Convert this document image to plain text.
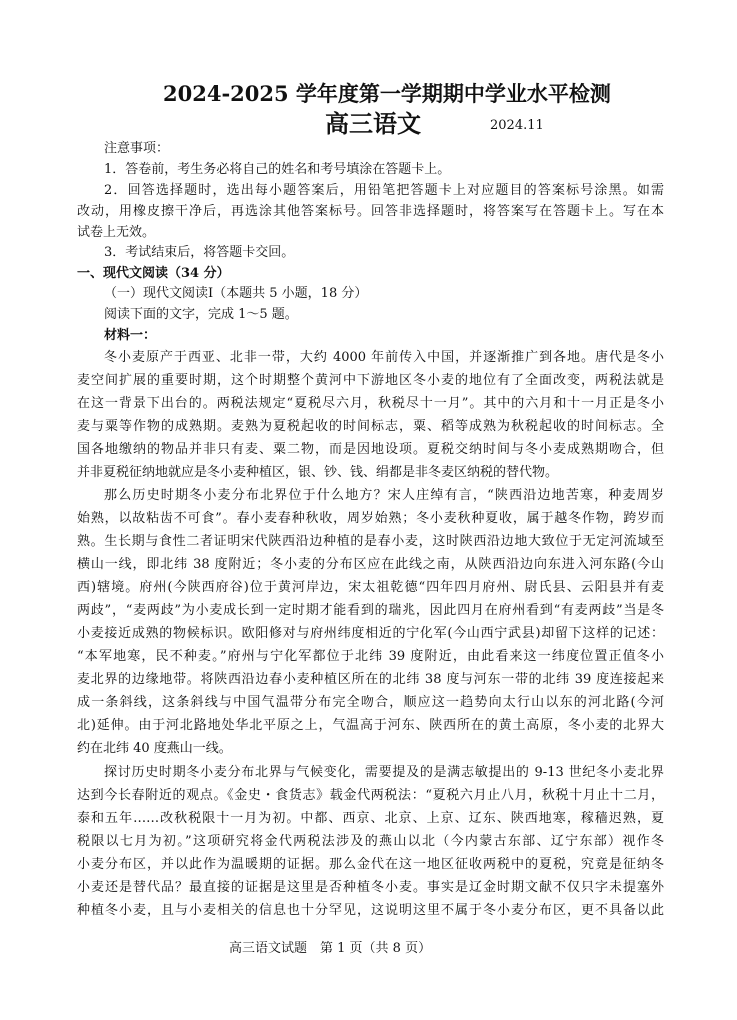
2024-2025 学年度第一学期期中学业水平检测
高三语文	2024.11
注意事项：
1．答卷前，考生务必将自己的姓名和考号填涂在答题卡上。
2．回答选择题时，选出每小题答案后，用铅笔把答题卡上对应题目的答案标号涂黑。如需
改动，用橡皮擦干净后，再选涂其他答案标号。回答非选择题时，将答案写在答题卡上。写在本
试卷上无效。
3．考试结束后，将答题卡交回。
一、现代文阅读（34 分）
（一）现代文阅读Ⅰ（本题共 5 小题，18 分）
阅读下面的文字，完成 1～5 题。
材料一：
冬小麦原产于西亚、北非一带，大约 4000 年前传入中国，并逐渐推广到各地。唐代是冬小
麦空间扩展的重要时期，这个时期整个黄河中下游地区冬小麦的地位有了全面改变，两税法就是
在这一背景下出台的。两税法规定“夏税尽六月，秋税尽十一月”。其中的六月和十一月正是冬小
麦与粟等作物的成熟期。麦熟为夏税起收的时间标志，粟、稻等成熟为秋税起收的时间标志。全
国各地缴纳的物品并非只有麦、粟二物，而是因地设项。夏税交纳时间与冬小麦成熟期吻合，但
并非夏税征纳地就应是冬小麦种植区，银、钞、钱、绢都是非冬麦区纳税的替代物。
那么历史时期冬小麦分布北界位于什么地方？宋人庄绰有言，“陕西沿边地苦寒，种麦周岁
始熟，以故粘齿不可食”。春小麦春种秋收，周岁始熟；冬小麦秋种夏收，属于越冬作物，跨岁而
熟。生长期与食性二者证明宋代陕西沿边种植的是春小麦，这时陕西沿边地大致位于无定河流域至
横山一线，即北纬 38 度附近；冬小麦的分布区应在此线之南，从陕西沿边向东进入河东路(今山
西)辖境。府州(今陕西府谷)位于黄河岸边，宋太祖乾德“四年四月府州、尉氏县、云阳县并有麦
两歧”，“麦两歧”为小麦成长到一定时期才能看到的瑞兆，因此四月在府州看到“有麦两歧”当是冬
小麦接近成熟的物候标识。欧阳修对与府州纬度相近的宁化军(今山西宁武县)却留下这样的记述：
“本军地寒，民不种麦。”府州与宁化军都位于北纬 39 度附近，由此看来这一纬度位置正值冬小
麦北界的边缘地带。将陕西沿边春小麦种植区所在的北纬 38 度与河东一带的北纬 39 度连接起来
成一条斜线，这条斜线与中国气温带分布完全吻合，顺应这一趋势向太行山以东的河北路(今河
北)延伸。由于河北路地处华北平原之上，气温高于河东、陕西所在的黄土高原，冬小麦的北界大
约在北纬 40 度燕山一线。
探讨历史时期冬小麦分布北界与气候变化，需要提及的是满志敏提出的 9-13 世纪冬小麦北界
达到今长春附近的观点。《金史・食货志》载金代两税法：“夏税六月止八月，秋税十月止十二月，
泰和五年……改秋税限十一月为初。中都、西京、北京、上京、辽东、陕西地寒，稼穑迟熟，夏
税限以七月为初。”这项研究将金代两税法涉及的燕山以北（今内蒙古东部、辽宁东部）视作冬
小麦分布区，并以此作为温暖期的证据。那么金代在这一地区征收两税中的夏税，究竟是征纳冬
小麦还是替代品？最直接的证据是这里是否种植冬小麦。事实是辽金时期文献不仅只字未提塞外
种植冬小麦，且与小麦相关的信息也十分罕见，这说明这里不属于冬小麦分布区，更不具备以此
高三语文试题　第 1 页（共 8 页）
